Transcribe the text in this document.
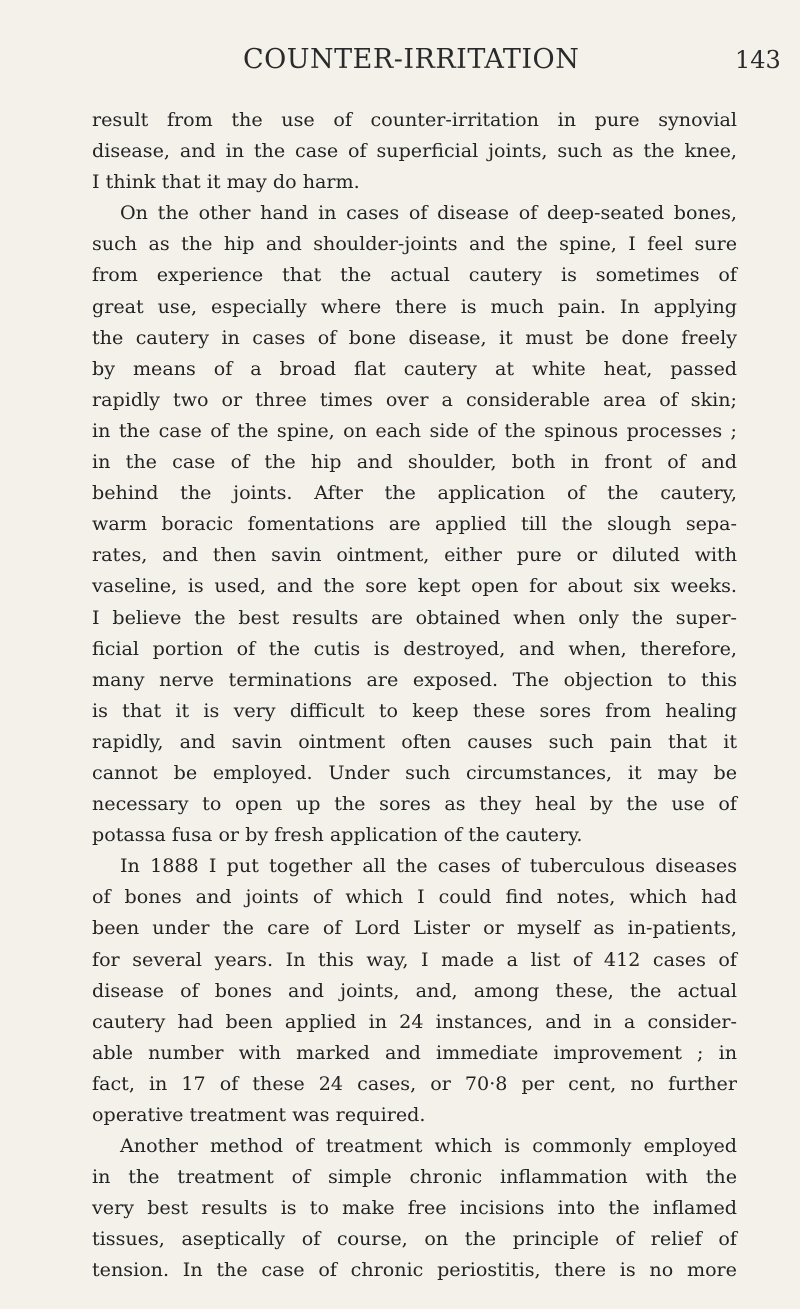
COUNTER-IRRITATION	143

result from the use of counter-irritation in pure synovial
disease, and in the case of superficial joints, such as the knee,
I think that it may do harm.

On the other hand in cases of disease of deep-seated bones,
such as the hip and shoulder-joints and the spine, I feel sure
from experience that the actual cautery is sometimes of
great use, especially where there is much pain. In applying
the cautery in cases of bone disease, it must be done freely
by means of a broad flat cautery at white heat, passed
rapidly two or three times over a considerable area of skin;
in the case of the spine, on each side of the spinous processes ;
in the case of the hip and shoulder, both in front of and
behind the joints. After the application of the cautery,
warm boracic fomentations are applied till the slough sepa-
rates, and then savin ointment, either pure or diluted with
vaseline, is used, and the sore kept open for about six weeks.
I believe the best results are obtained when only the super-
ficial portion of the cutis is destroyed, and when, therefore,
many nerve terminations are exposed. The objection to this
is that it is very difficult to keep these sores from healing
rapidly, and savin ointment often causes such pain that it
cannot be employed. Under such circumstances, it may be
necessary to open up the sores as they heal by the use of
potassa fusa or by fresh application of the cautery.

In 1888 I put together all the cases of tuberculous diseases
of bones and joints of which I could find notes, which had
been under the care of Lord Lister or myself as in-patients,
for several years. In this way, I made a list of 412 cases of
disease of bones and joints, and, among these, the actual
cautery had been applied in 24 instances, and in a consider-
able number with marked and immediate improvement ; in
fact, in 17 of these 24 cases, or 70·8 per cent, no further
operative treatment was required.

Another method of treatment which is commonly employed
in the treatment of simple chronic inflammation with the
very best results is to make free incisions into the inflamed
tissues, aseptically of course, on the principle of relief of
tension. In the case of chronic periostitis, there is no more
